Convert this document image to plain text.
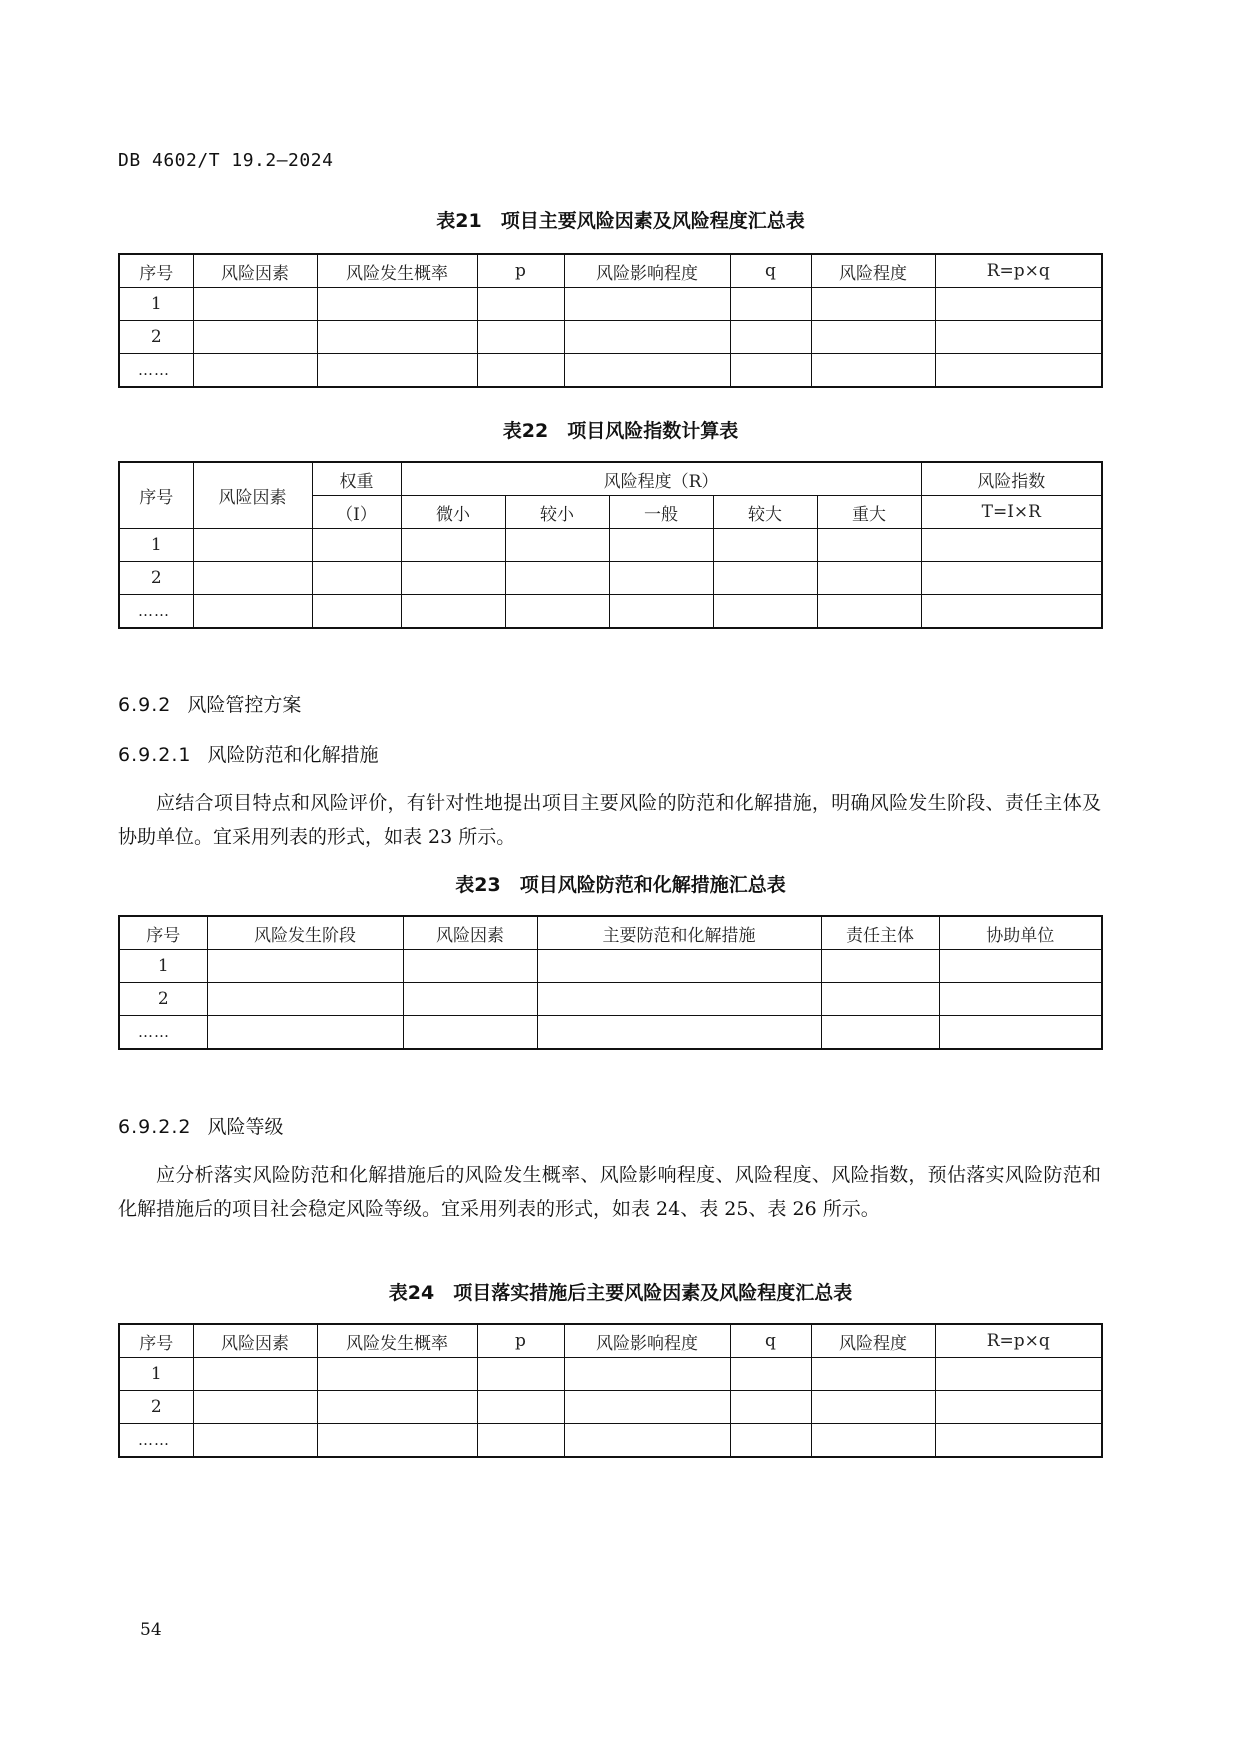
DB 4602/T 19.2—2024
表21　项目主要风险因素及风险程度汇总表
序号	风险因素	风险发生概率	p	风险影响程度	q	风险程度	R=p×q
1							
2							
……							
表22　项目风险指数计算表
序号	风险因素	权重	风险程度（R）					风险指数
		（I）	微小	较小	一般	较大	重大	T=I×R
1								
2								
……								
6.9.2 风险管控方案
6.9.2.1 风险防范和化解措施

应结合项目特点和风险评价，有针对性地提出项目主要风险的防范和化解措施，明确风险发生阶段、责任主体及协助单位。宜采用列表的形式，如表 23 所示。

表23　项目风险防范和化解措施汇总表
序号	风险发生阶段	风险因素	主要防范和化解措施	责任主体	协助单位
1					
2					
……					
6.9.2.2 风险等级

应分析落实风险防范和化解措施后的风险发生概率、风险影响程度、风险程度、风险指数，预估落实风险防范和化解措施后的项目社会稳定风险等级。宜采用列表的形式，如表 24、表 25、表 26 所示。

表24　项目落实措施后主要风险因素及风险程度汇总表
序号	风险因素	风险发生概率	p	风险影响程度	q	风险程度	R=p×q
1							
2							
……							
54
